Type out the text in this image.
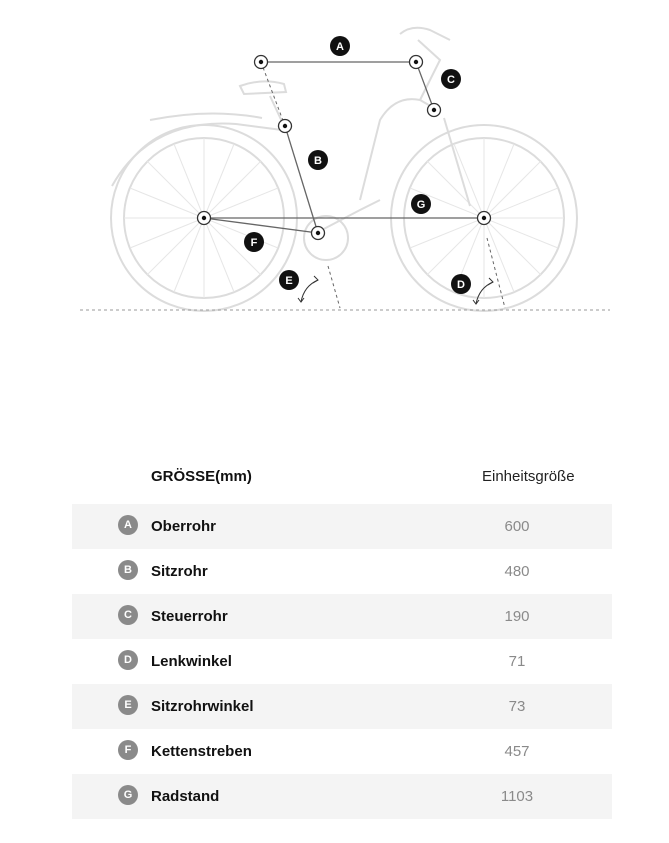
A
B
C
D
E
F
G
GRÖSSE(mm)	Einheitsgröße
A	Oberrohr	600
B	Sitzrohr	480
C	Steuerrohr	190
D	Lenkwinkel	71
E	Sitzrohrwinkel	73
F	Kettenstreben	457
G	Radstand	1103
